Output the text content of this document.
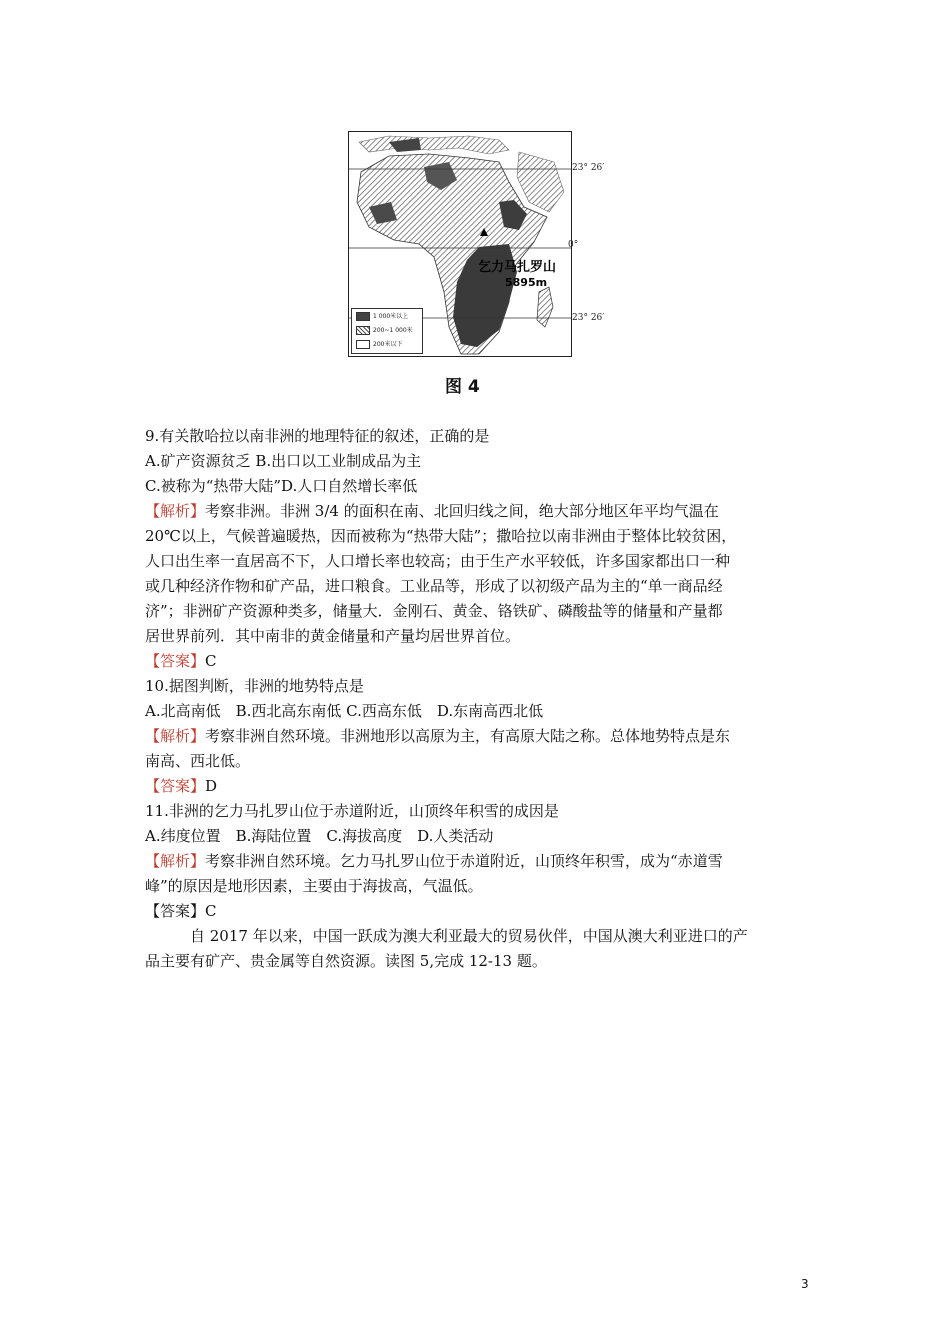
23° 26′
0°
23° 26′
乞力马扎罗山
5895m
1 000米以上
200~1 000米
200米以下
图 4
9.有关散哈拉以南非洲的地理特征的叙述，正确的是
A.矿产资源贫乏 B.出口以工业制成品为主
C.被称为“热带大陆”D.人口自然增长率低
【解析】考察非洲。非洲 3/4 的面积在南、北回归线之间，绝大部分地区年平均气温在
20℃以上，气候普遍暖热，因而被称为“热带大陆”；撒哈拉以南非洲由于整体比较贫困，
人口出生率一直居高不下，人口增长率也较高；由于生产水平较低，许多国家都出口一种
或几种经济作物和矿产品，进口粮食。工业品等，形成了以初级产品为主的“单一商品经
济”；非洲矿产资源种类多，储量大．金刚石、黄金、铬铁矿、磷酸盐等的储量和产量都
居世界前列．其中南非的黄金储量和产量均居世界首位。
【答案】C
10.据图判断，非洲的地势特点是
A.北高南低　B.西北高东南低 C.西高东低　D.东南高西北低
【解析】考察非洲自然环境。非洲地形以高原为主，有高原大陆之称。总体地势特点是东
南高、西北低。
【答案】D
11.非洲的乞力马扎罗山位于赤道附近，山顶终年积雪的成因是
A.纬度位置　B.海陆位置　C.海拔高度　D.人类活动
【解析】考察非洲自然环境。乞力马扎罗山位于赤道附近，山顶终年积雪，成为“赤道雪
峰”的原因是地形因素，主要由于海拔高，气温低。
【答案】C
　　　自 2017 年以来，中国一跃成为澳大利亚最大的贸易伙伴，中国从澳大利亚进口的产
品主要有矿产、贵金属等自然资源。读图 5,完成 12-13 题。
3
